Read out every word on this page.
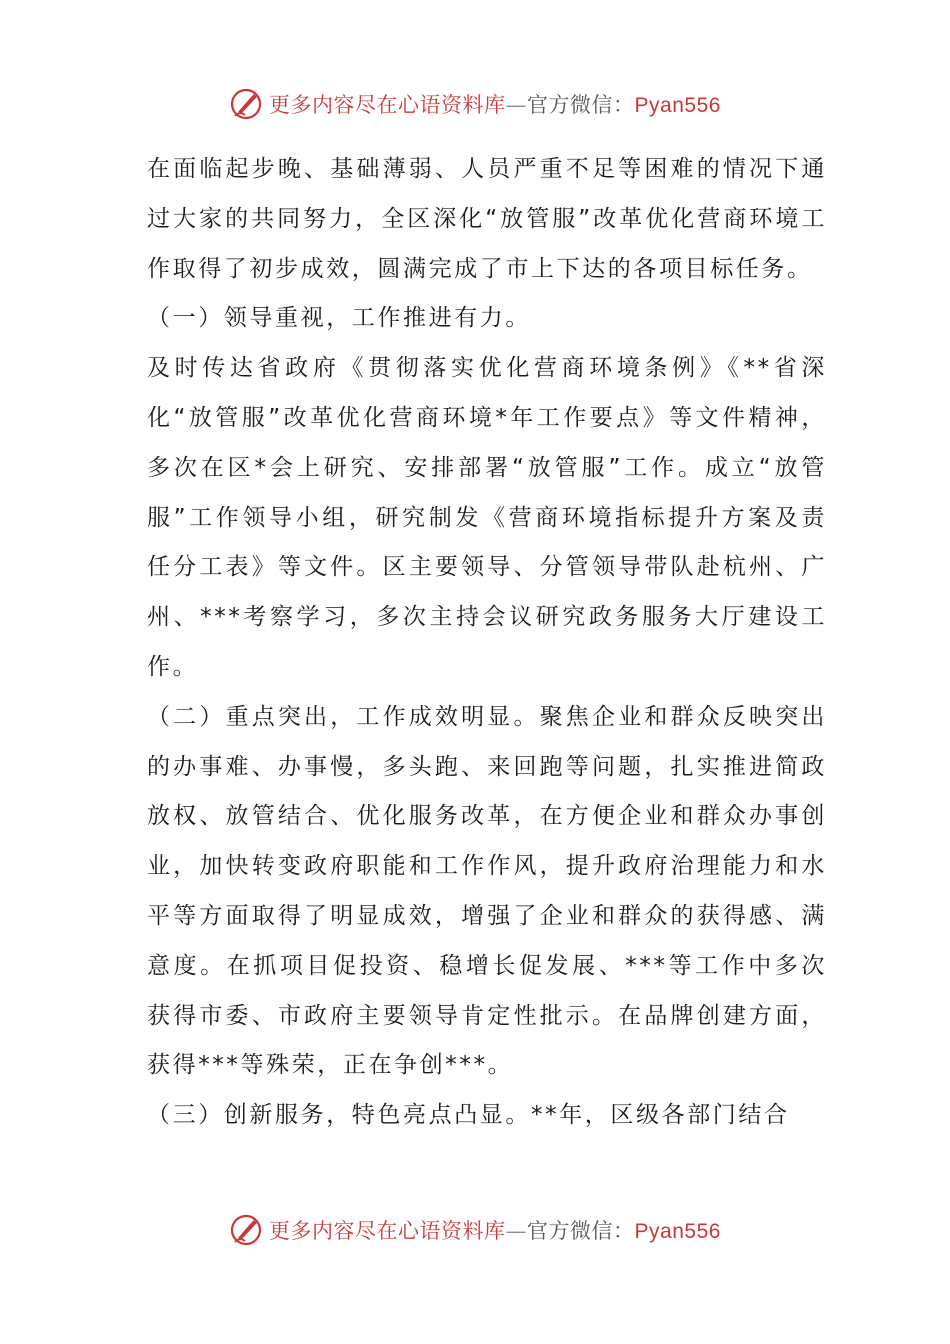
更多内容尽在心语资料库—官方微信：Pyan556

在面临起步晚、基础薄弱、人员严重不足等困难的情况下通过大家的共同努力，全区深化“放管服”改革优化营商环境工作取得了初步成效，圆满完成了市上下达的各项目标任务。

（一）领导重视，工作推进有力。

及时传达省政府《贯彻落实优化营商环境条例》《**省深化“放管服”改革优化营商环境*年工作要点》等文件精神，多次在区*会上研究、安排部署“放管服”工作。成立“放管服”工作领导小组，研究制发《营商环境指标提升方案及责任分工表》等文件。区主要领导、分管领导带队赴杭州、广州、***考察学习，多次主持会议研究政务服务大厅建设工作。

（二）重点突出，工作成效明显。聚焦企业和群众反映突出的办事难、办事慢，多头跑、来回跑等问题，扎实推进简政放权、放管结合、优化服务改革，在方便企业和群众办事创业，加快转变政府职能和工作作风，提升政府治理能力和水平等方面取得了明显成效，增强了企业和群众的获得感、满意度。在抓项目促投资、稳增长促发展、***等工作中多次获得市委、市政府主要领导肯定性批示。在品牌创建方面，获得***等殊荣，正在争创***。

（三）创新服务，特色亮点凸显。**年，区级各部门结合

更多内容尽在心语资料库—官方微信：Pyan556
